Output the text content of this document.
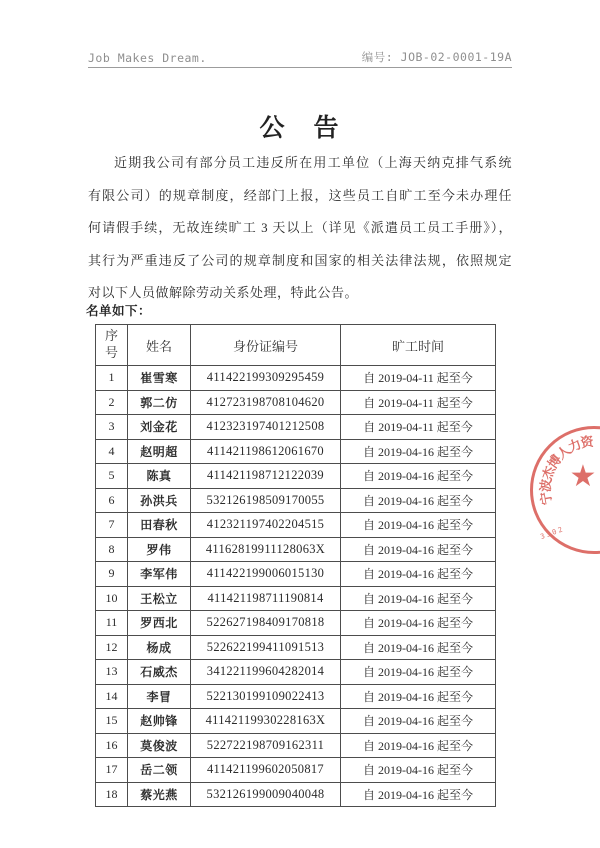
Job Makes Dream.	编号: JOB-02-0001-19A
公　告
近期我公司有部分员工违反所在用工单位（上海天纳克排气系统
有限公司）的规章制度，经部门上报，这些员工自旷工至今未办理任
何请假手续，无故连续旷工 3 天以上（详见《派遣员工员工手册》），
其行为严重违反了公司的规章制度和国家的相关法律法规，依照规定
对以下人员做解除劳动关系处理，特此公告。
名单如下：
序号	姓名	身份证编号	旷工时间
1	崔雪寒	411422199309295459	自 2019-04-11 起至今
2	郭二仿	412723198708104620	自 2019-04-11 起至今
3	刘金花	412323197401212508	自 2019-04-11 起至今
4	赵明超	411421198612061670	自 2019-04-16 起至今
5	陈真	411421198712122039	自 2019-04-16 起至今
6	孙洪兵	532126198509170055	自 2019-04-16 起至今
7	田春秋	412321197402204515	自 2019-04-16 起至今
8	罗伟	41162819911128063X	自 2019-04-16 起至今
9	李军伟	411422199006015130	自 2019-04-16 起至今
10	王松立	411421198711190814	自 2019-04-16 起至今
11	罗西北	522627198409170818	自 2019-04-16 起至今
12	杨成	522622199411091513	自 2019-04-16 起至今
13	石威杰	341221199604282014	自 2019-04-16 起至今
14	李冒	522130199109022413	自 2019-04-16 起至今
15	赵帅锋	41142119930228163X	自 2019-04-16 起至今
16	莫俊波	522722198709162311	自 2019-04-16 起至今
17	岳二领	411421199602050817	自 2019-04-16 起至今
18	蔡光燕	532126199009040048	自 2019-04-16 起至今
宁
波
杰
博
人
力
资
★
3302
